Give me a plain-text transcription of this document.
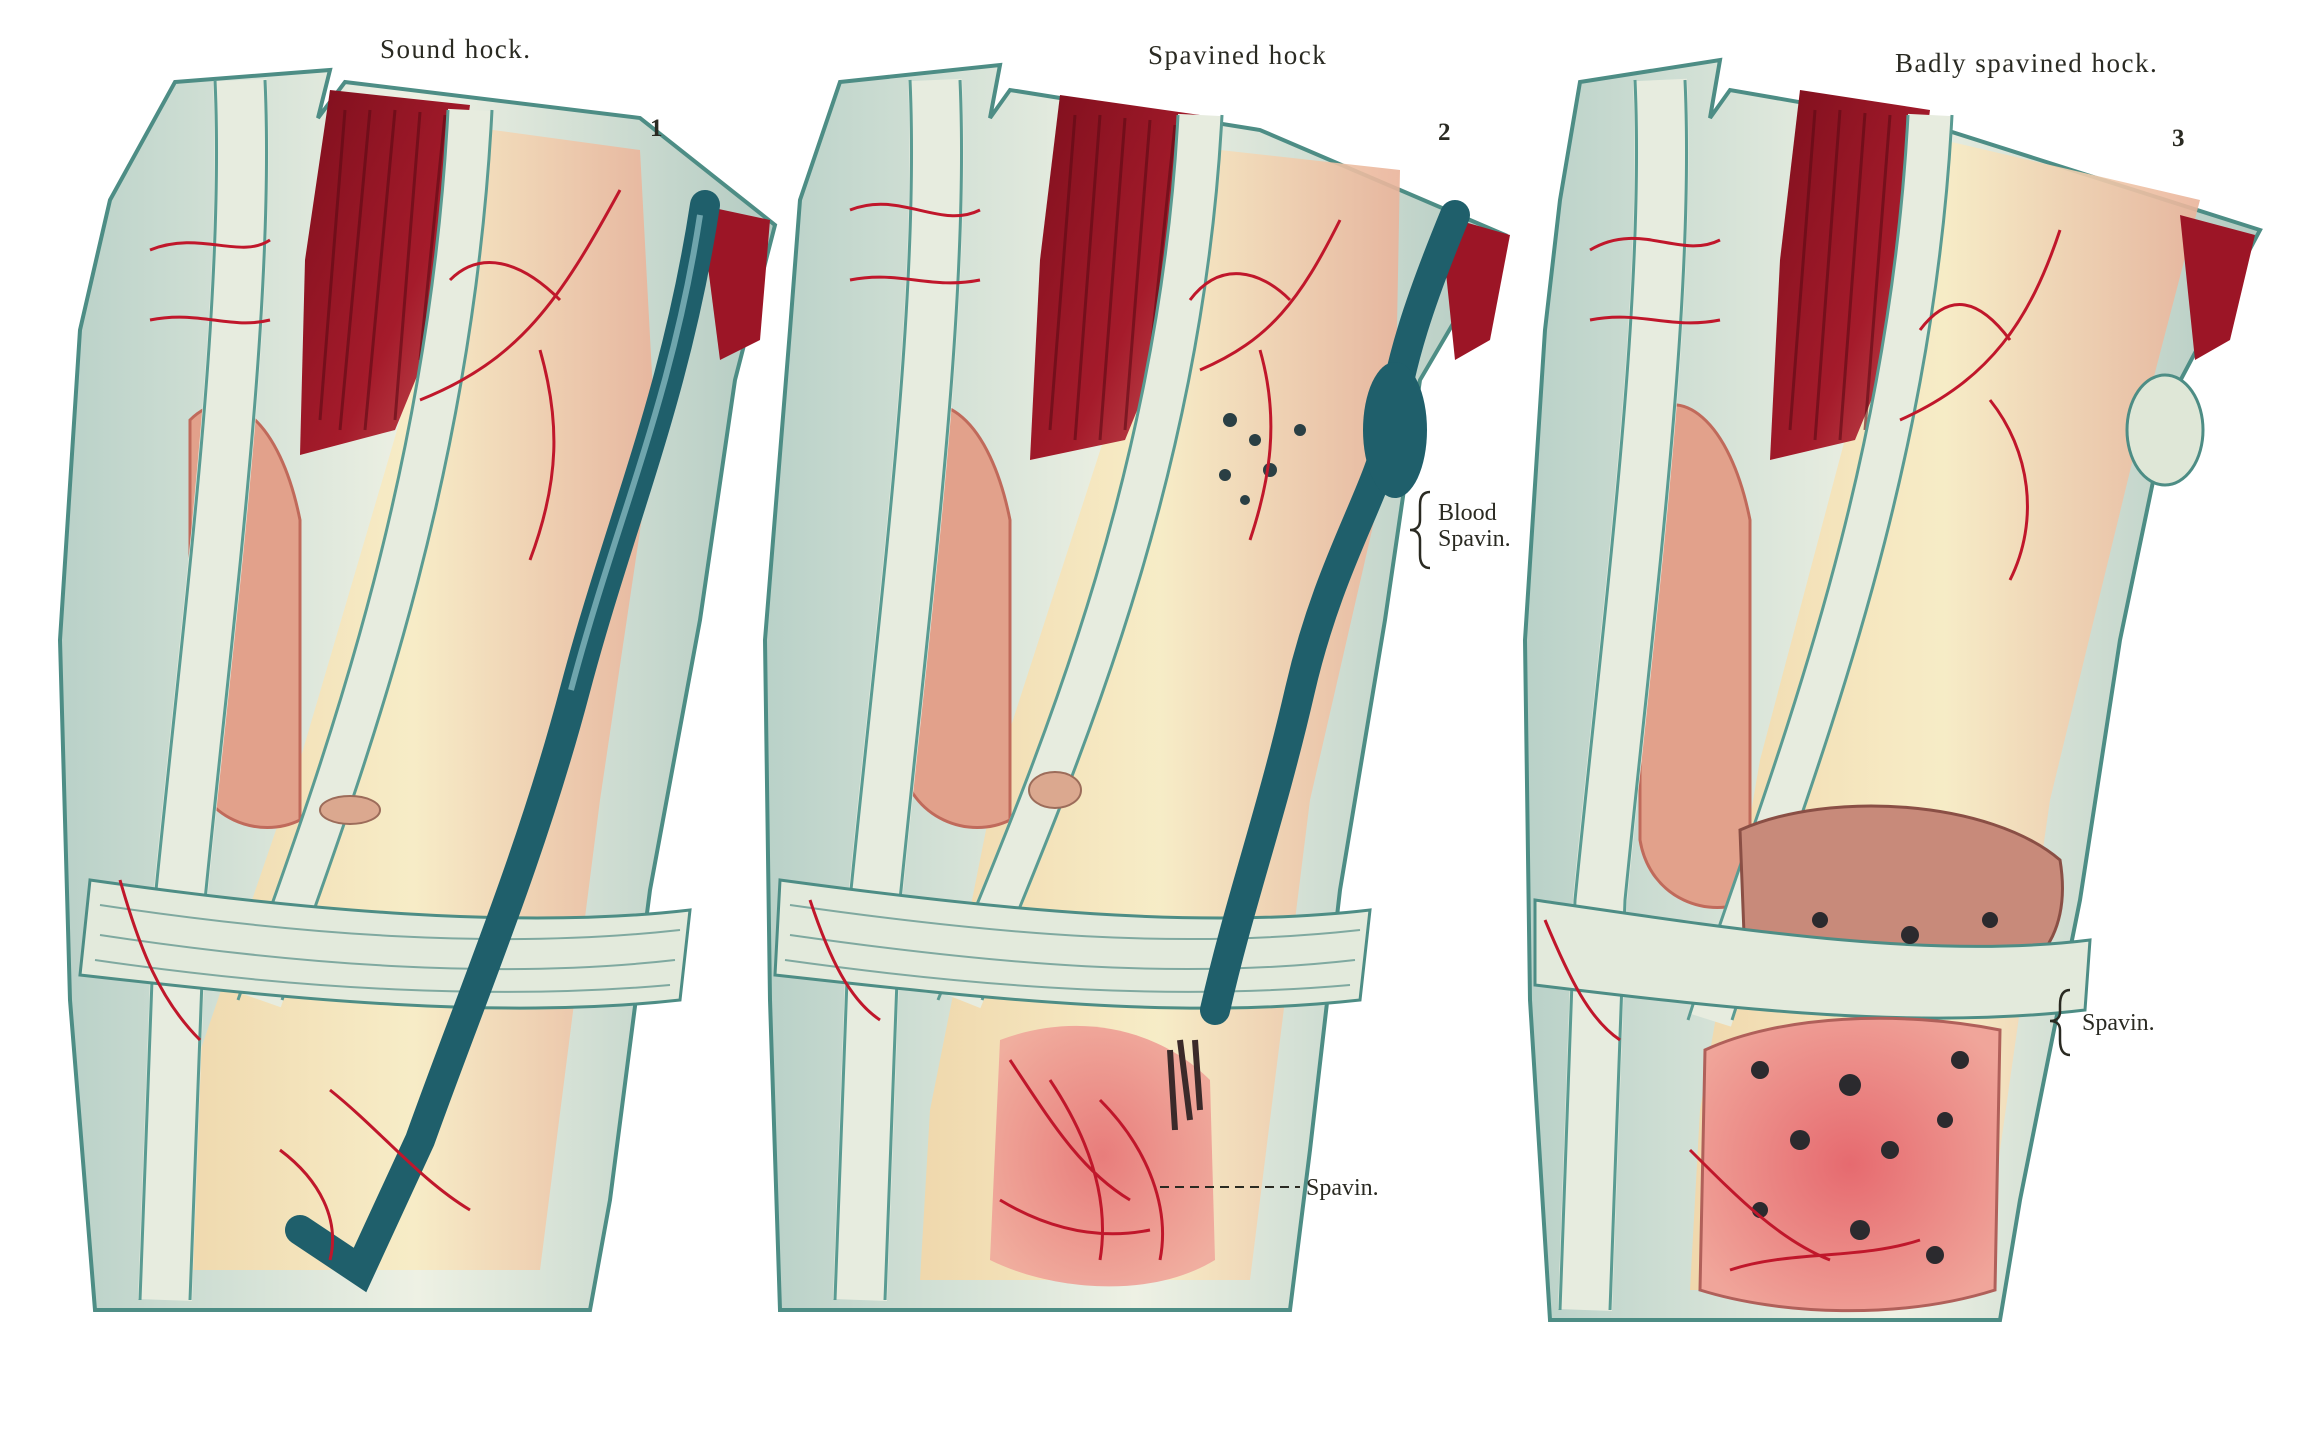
Sound hock.
1
Spavined hock
2
Badly spavined hock.
3
Blood
Spavin.
Spavin.
Spavin.
